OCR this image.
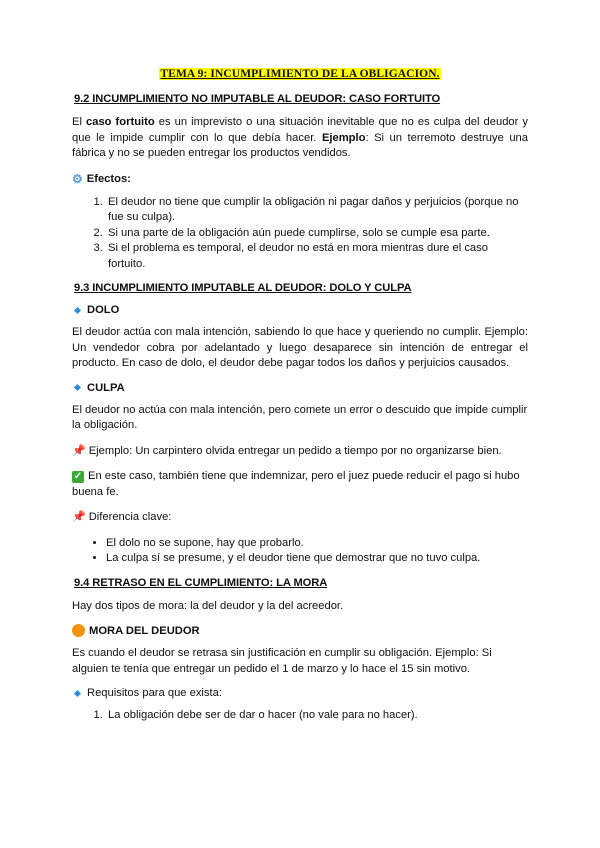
TEMA 9: INCUMPLIMIENTO DE LA OBLIGACION.
9.2 INCUMPLIMIENTO NO IMPUTABLE AL DEUDOR: CASO FORTUITO

El caso fortuito es un imprevisto o una situación inevitable que no es culpa del deudor y que le impide cumplir con lo que debía hacer. Ejemplo: Si un terremoto destruye una fábrica y no se pueden entregar los productos vendidos.

⚙ Efectos:
1. El deudor no tiene que cumplir la obligación ni pagar daños y perjuicios (porque no fue su culpa).
2. Si una parte de la obligación aún puede cumplirse, solo se cumple esa parte.
3. Si el problema es temporal, el deudor no está en mora mientras dure el caso fortuito.
9.3 INCUMPLIMIENTO IMPUTABLE AL DEUDOR: DOLO Y CULPA
DOLO

El deudor actúa con mala intención, sabiendo lo que hace y queriendo no cumplir. Ejemplo: Un vendedor cobra por adelantado y luego desaparece sin intención de entregar el producto. En caso de dolo, el deudor debe pagar todos los daños y perjuicios causados.

CULPA

El deudor no actúa con mala intención, pero comete un error o descuido que impide cumplir la obligación.

📌 Ejemplo: Un carpintero olvida entregar un pedido a tiempo por no organizarse bien.

✓ En este caso, también tiene que indemnizar, pero el juez puede reducir el pago si hubo buena fe.

📌 Diferencia clave:

• El dolo no se supone, hay que probarlo.
• La culpa sí se presume, y el deudor tiene que demostrar que no tuvo culpa.
9.4 RETRASO EN EL CUMPLIMIENTO: LA MORA

Hay dos tipos de mora: la del deudor y la del acreedor.

MORA DEL DEUDOR

Es cuando el deudor se retrasa sin justificación en cumplir su obligación. Ejemplo: Si alguien te tenía que entregar un pedido el 1 de marzo y lo hace el 15 sin motivo.

Requisitos para que exista:
1. La obligación debe ser de dar o hacer (no vale para no hacer).
